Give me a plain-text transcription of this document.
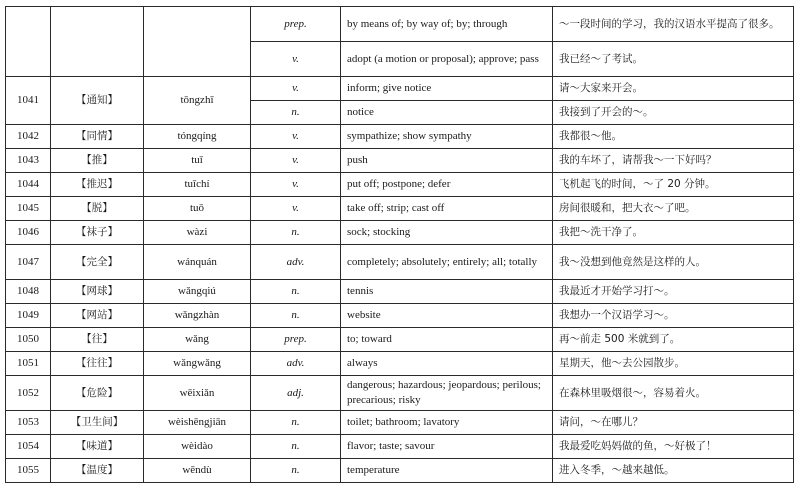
			prep.	by means of; by way of; by; through	～一段时间的学习，我的汉语水平提高了很多。
			v.	adopt (a motion or proposal); approve; pass	我已经～了考试。
1041	【通知】	tōngzhī	v.	inform; give notice	请～大家来开会。
			n.	notice	我接到了开会的～。
1042	【同情】	tóngqíng	v.	sympathize; show sympathy	我都很～他。
1043	【推】	tuī	v.	push	我的车坏了，请帮我～一下好吗？
1044	【推迟】	tuīchí	v.	put off; postpone; defer	飞机起飞的时间，～了 20 分钟。
1045	【脱】	tuō	v.	take off; strip; cast off	房间很暖和，把大衣～了吧。
1046	【袜子】	wàzi	n.	sock; stocking	我把～洗干净了。
1047	【完全】	wánquán	adv.	completely; absolutely; entirely; all; totally	我～没想到他竟然是这样的人。
1048	【网球】	wǎngqiú	n.	tennis	我最近才开始学习打～。
1049	【网站】	wǎngzhàn	n.	website	我想办一个汉语学习～。
1050	【往】	wǎng	prep.	to; toward	再～前走 500 米就到了。
1051	【往往】	wǎngwǎng	adv.	always	星期天，他～去公园散步。
1052	【危险】	wēixiǎn	adj.	dangerous; hazardous; jeopardous; perilous; precarious; risky	在森林里吸烟很～，容易着火。
1053	【卫生间】	wèishēngjiān	n.	toilet; bathroom; lavatory	请问，～在哪儿？
1054	【味道】	wèidào	n.	flavor; taste; savour	我最爱吃妈妈做的鱼，～好极了！
1055	【温度】	wēndù	n.	temperature	进入冬季，～越来越低。
